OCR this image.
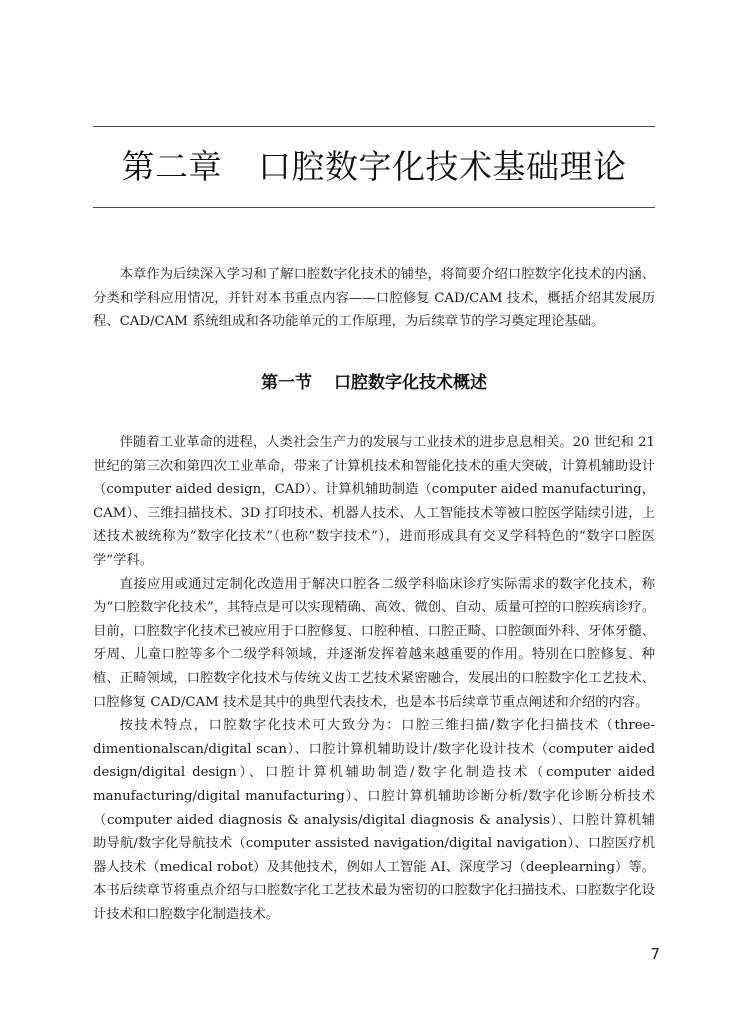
第二章 口腔数字化技术基础理论

本章作为后续深入学习和了解口腔数字化技术的铺垫，将简要介绍口腔数字化技术的内涵、分类和学科应用情况，并针对本书重点内容——口腔修复 CAD/CAM 技术，概括介绍其发展历程、CAD/CAM 系统组成和各功能单元的工作原理，为后续章节的学习奠定理论基础。

第一节 口腔数字化技术概述

伴随着工业革命的进程，人类社会生产力的发展与工业技术的进步息息相关。20 世纪和 21 世纪的第三次和第四次工业革命，带来了计算机技术和智能化技术的重大突破，计算机辅助设计（computer aided design，CAD）、计算机辅助制造（computer aided manufacturing，CAM）、三维扫描技术、3D 打印技术、机器人技术、人工智能技术等被口腔医学陆续引进，上述技术被统称为“数字化技术”（也称“数字技术”），进而形成具有交叉学科特色的“数字口腔医学”学科。

直接应用或通过定制化改造用于解决口腔各二级学科临床诊疗实际需求的数字化技术，称为“口腔数字化技术”，其特点是可以实现精确、高效、微创、自动、质量可控的口腔疾病诊疗。目前，口腔数字化技术已被应用于口腔修复、口腔种植、口腔正畸、口腔颌面外科、牙体牙髓、牙周、儿童口腔等多个二级学科领域，并逐渐发挥着越来越重要的作用。特别在口腔修复、种植、正畸领域，口腔数字化技术与传统义齿工艺技术紧密融合，发展出的口腔数字化工艺技术、口腔修复 CAD/CAM 技术是其中的典型代表技术，也是本书后续章节重点阐述和介绍的内容。

按技术特点，口腔数字化技术可大致分为：口腔三维扫描/数字化扫描技术（three-dimentionalscan/digital scan）、口腔计算机辅助设计/数字化设计技术（computer aided design/digital design）、口腔计算机辅助制造/数字化制造技术（computer aided manufacturing/digital manufacturing）、口腔计算机辅助诊断分析/数字化诊断分析技术（computer aided diagnosis & analysis/digital diagnosis & analysis）、口腔计算机辅助导航/数字化导航技术（computer assisted navigation/digital navigation）、口腔医疗机器人技术（medical robot）及其他技术，例如人工智能 AI、深度学习（deeplearning）等。本书后续章节将重点介绍与口腔数字化工艺技术最为密切的口腔数字化扫描技术、口腔数字化设计技术和口腔数字化制造技术。

7
